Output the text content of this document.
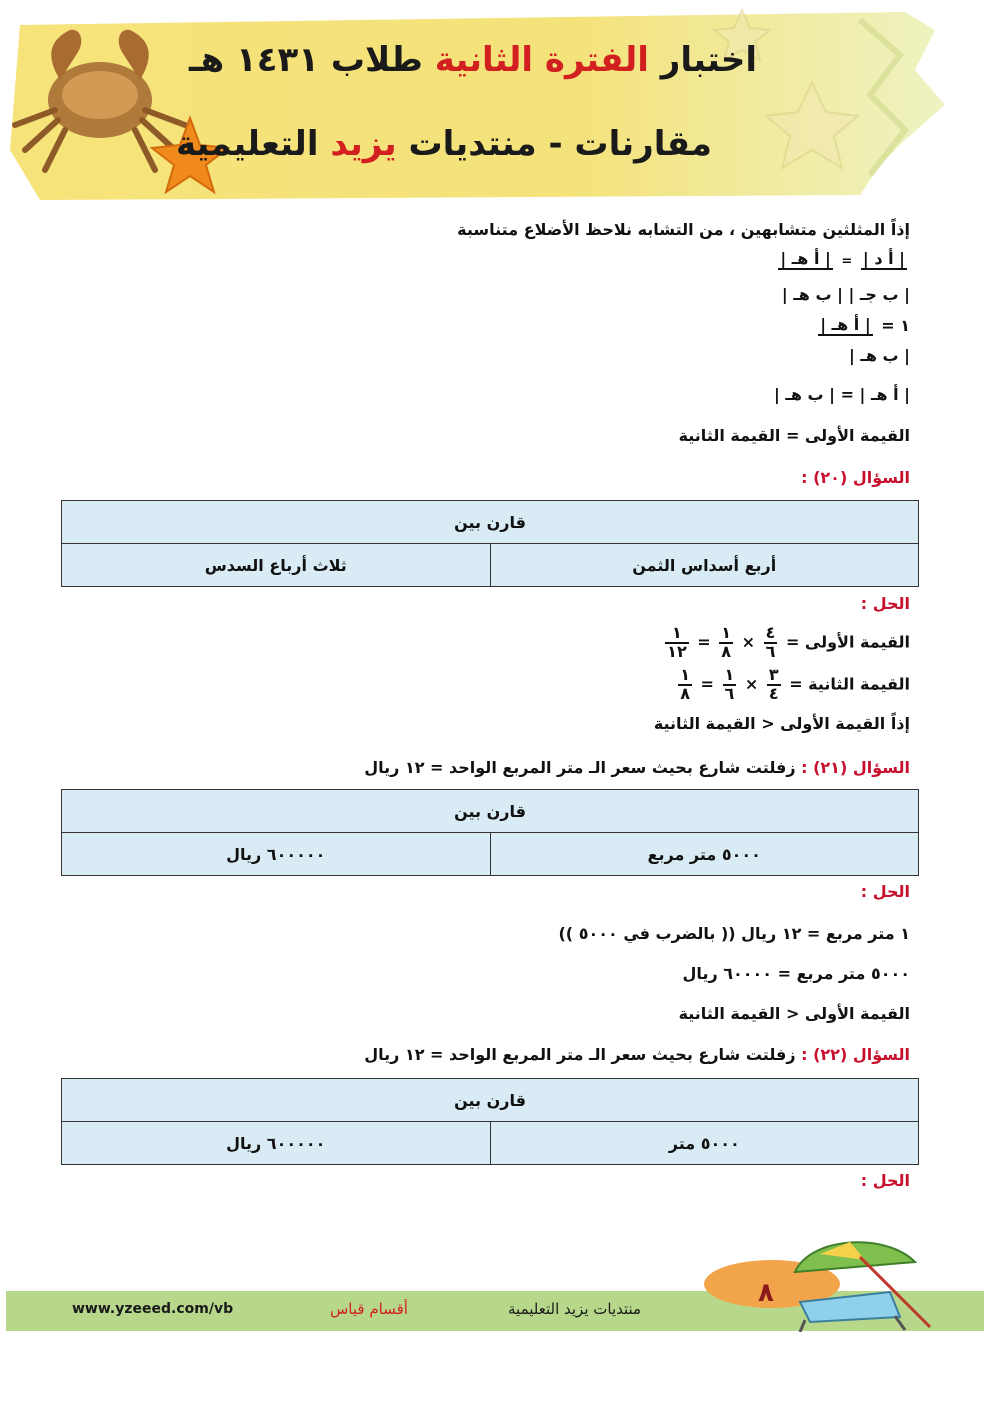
اختبار الفترة الثانية طلاب ١٤٣١ هـ
مقارنات - منتديات يزيد التعليمية
إذاً المثلثين متشابهين ، من التشابه نلاحظ الأضلاع متناسبة
| أ د |
=
| أ هـ |
| ب جـ | | ب هـ |
١ =
| أ هـ |
| ب هـ |
| أ هـ | = | ب هـ |
القيمة الأولى = القيمة الثانية
السؤال (٢٠) :
قارن بين
أربع أسداس الثمن	ثلاث أرباع السدس
الحل :
القيمة الأولى =
$\frac{٤}{٦}$
×
$\frac{١}{٨}$
=
$\frac{١}{١٢}$
القيمة الثانية =
$\frac{٣}{٤}$
×
$\frac{١}{٦}$
=
$\frac{١}{٨}$
إذاً القيمة الأولى < القيمة الثانية
السؤال (٢١) : زفلتت شارع بحيث سعر الـ متر المربع الواحد = ١٢ ريال
قارن بين
٥٠٠٠ متر مربع	٦٠٠٠٠٠ ريال
الحل :
١ متر مربع = ١٢ ريال (( بالضرب في ٥٠٠٠ ))
٥٠٠٠ متر مربع = ٦٠٠٠٠ ريال
القيمة الأولى < القيمة الثانية
السؤال (٢٢) : زفلتت شارع بحيث سعر الـ متر المربع الواحد = ١٢ ريال
قارن بين
٥٠٠٠ متر	٦٠٠٠٠٠ ريال
الحل :
٨
www.yzeeed.com/vb	أقسام قياس	منتديات يزيد التعليمية
